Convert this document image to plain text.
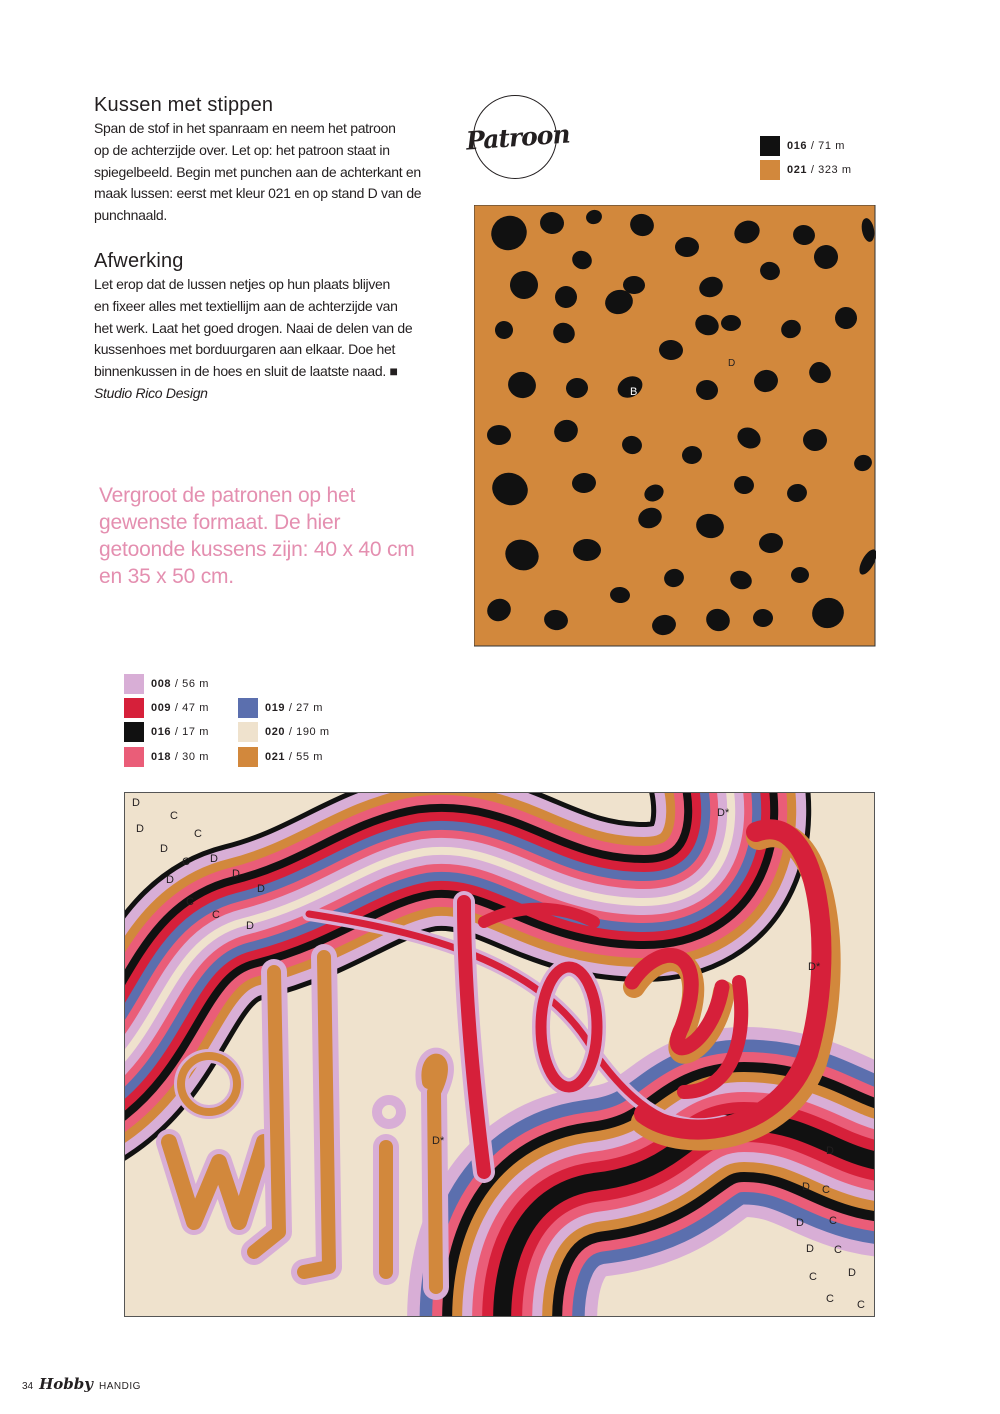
Kussen met stippen

Span de stof in het spanraam en neem het patroon

op de achterzijde over. Let op: het patroon staat in

spiegelbeeld. Begin met punchen aan de achterkant en

maak lussen: eerst met kleur 021 en op stand D van de

punchnaald.

Afwerking

Let erop dat de lussen netjes op hun plaats blijven

en fixeer alles met textiellijm aan de achterzijde van

het werk. Laat het goed drogen. Naai de delen van de

kussenhoes met borduurgaren aan elkaar. Doe het

binnenkussen in de hoes en sluit de laatste naad. ■

Studio Rico Design

Vergroot de patronen op het
gewenste formaat. De hier
getoonde kussens zijn: 40 x 40 cm
en 35 x 50 cm.
Patroon	016
/ 71 m
021
/ 323 m
B
D
008
/ 56 m
009
/ 47 m
016
/ 17 m
018
/ 30 m
019
/ 27 m
020
/ 190 m
021
/ 55 m
D
D
C
C
D
D
C
D	D
C
D
C
D
D*
D*
D*
D
D C
D C
D C
C	D
C C
34 Hobby HANDIG
